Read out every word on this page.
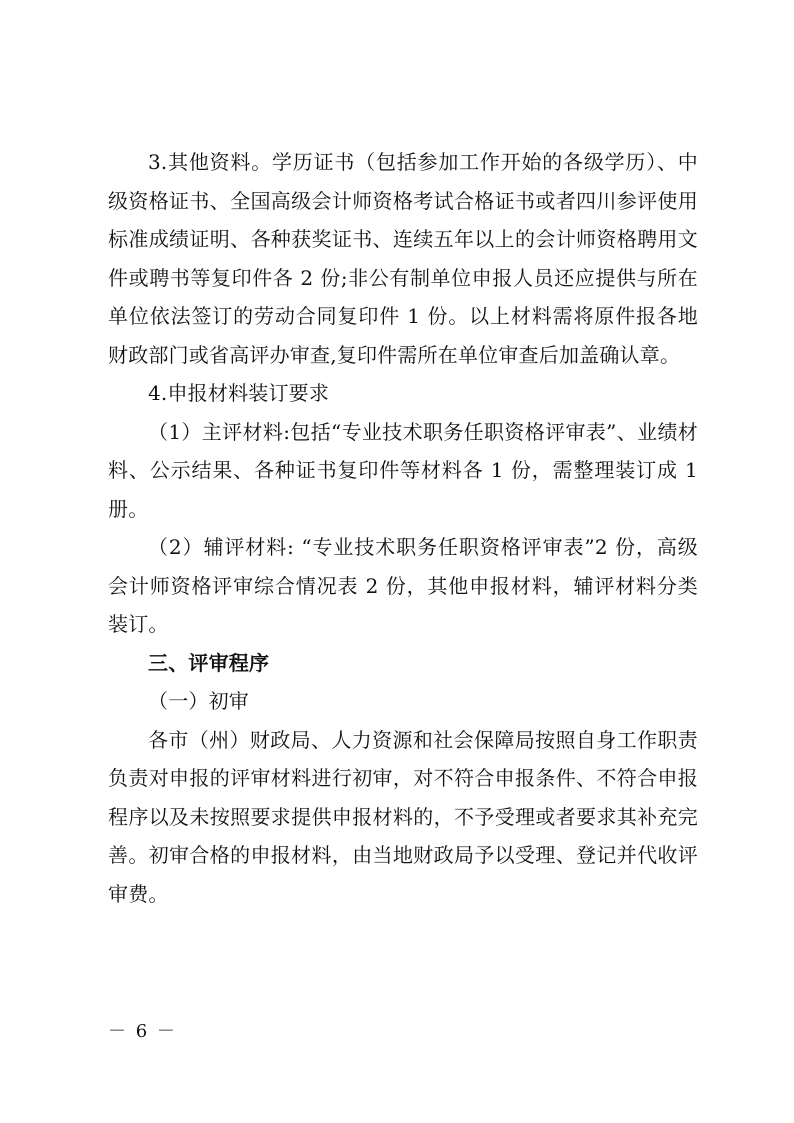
3.其他资料。学历证书（包括参加工作开始的各级学历）、中级资格证书、全国高级会计师资格考试合格证书或者四川参评使用标准成绩证明、各种获奖证书、连续五年以上的会计师资格聘用文件或聘书等复印件各 2 份;非公有制单位申报人员还应提供与所在单位依法签订的劳动合同复印件 1 份。以上材料需将原件报各地财政部门或省高评办审查,复印件需所在单位审查后加盖确认章。

4.申报材料装订要求

（1）主评材料:包括“专业技术职务任职资格评审表”、业绩材料、公示结果、各种证书复印件等材料各 1 份，需整理装订成 1 册。

（2）辅评材料: “专业技术职务任职资格评审表”2 份，高级会计师资格评审综合情况表 2 份，其他申报材料，辅评材料分类装订。

三、评审程序

（一）初审

各市（州）财政局、人力资源和社会保障局按照自身工作职责负责对申报的评审材料进行初审，对不符合申报条件、不符合申报程序以及未按照要求提供申报材料的，不予受理或者要求其补充完善。初审合格的申报材料，由当地财政局予以受理、登记并代收评审费。

－ 6 －
